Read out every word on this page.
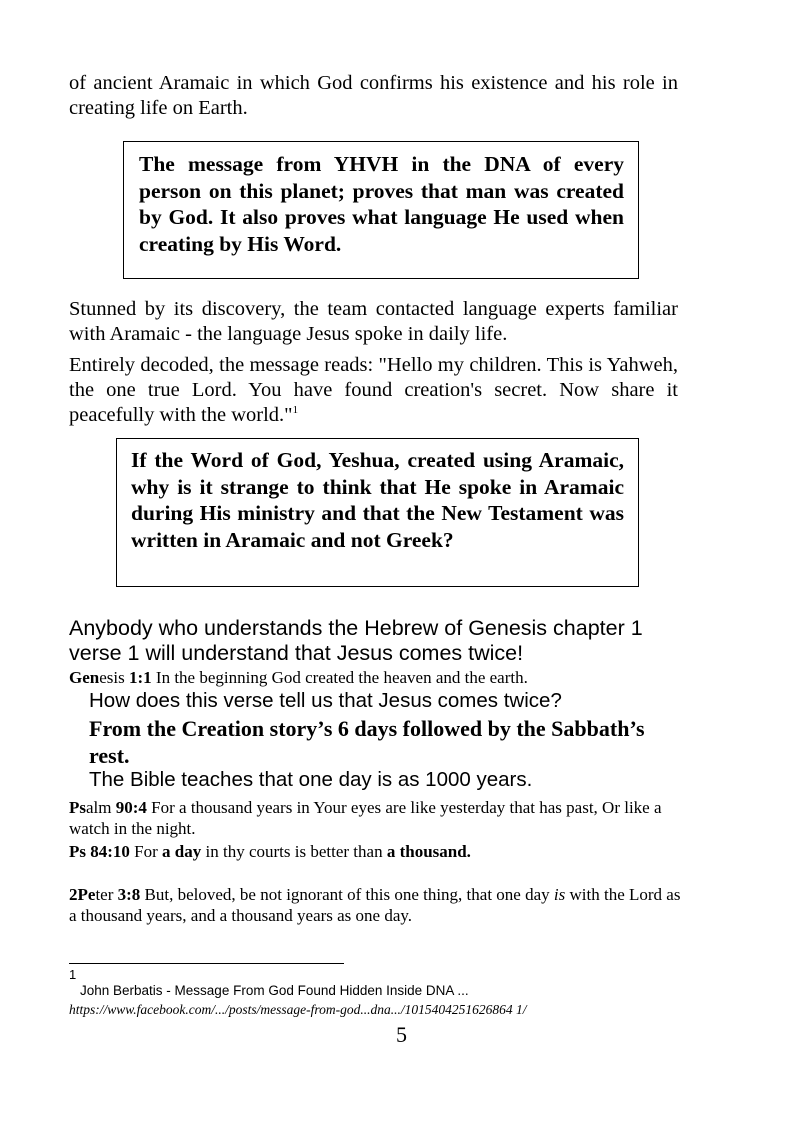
of ancient Aramaic in which God confirms his existence and his role in creating life on Earth.

The message from YHVH in the DNA of every person on this planet; proves that man was created by God. It also proves what language He used when creating by His Word.

Stunned by its discovery, the team contacted language experts familiar with Aramaic - the language Jesus spoke in daily life.

Entirely decoded, the message reads: "Hello my children. This is Yahweh, the one true Lord. You have found creation's secret. Now share it peacefully with the world."$^1$

If the Word of God, Yeshua, created using Aramaic, why is it strange to think that He spoke in Aramaic during His ministry and that the New Testament was written in Aramaic and not Greek?

Anybody who understands the Hebrew of Genesis chapter 1 verse 1 will understand that Jesus comes twice!

Genesis 1:1 In the beginning God created the heaven and the earth.

How does this verse tell us that Jesus comes twice?

From the Creation story’s 6 days followed by the Sabbath’s rest.

The Bible teaches that one day is as 1000 years.

Psalm 90:4 For a thousand years in Your eyes are like yesterday that has past, Or like a watch in the night.

Ps 84:10 For a day in thy courts is better than a thousand.

2Peter 3:8 But, beloved, be not ignorant of this one thing, that one day is with the Lord as a thousand years, and a thousand years as one day.

1
John Berbatis - Message From God Found Hidden Inside DNA ...
https://www.facebook.com/.../posts/message-from-god...dna.../1015404251626864 1/
5
